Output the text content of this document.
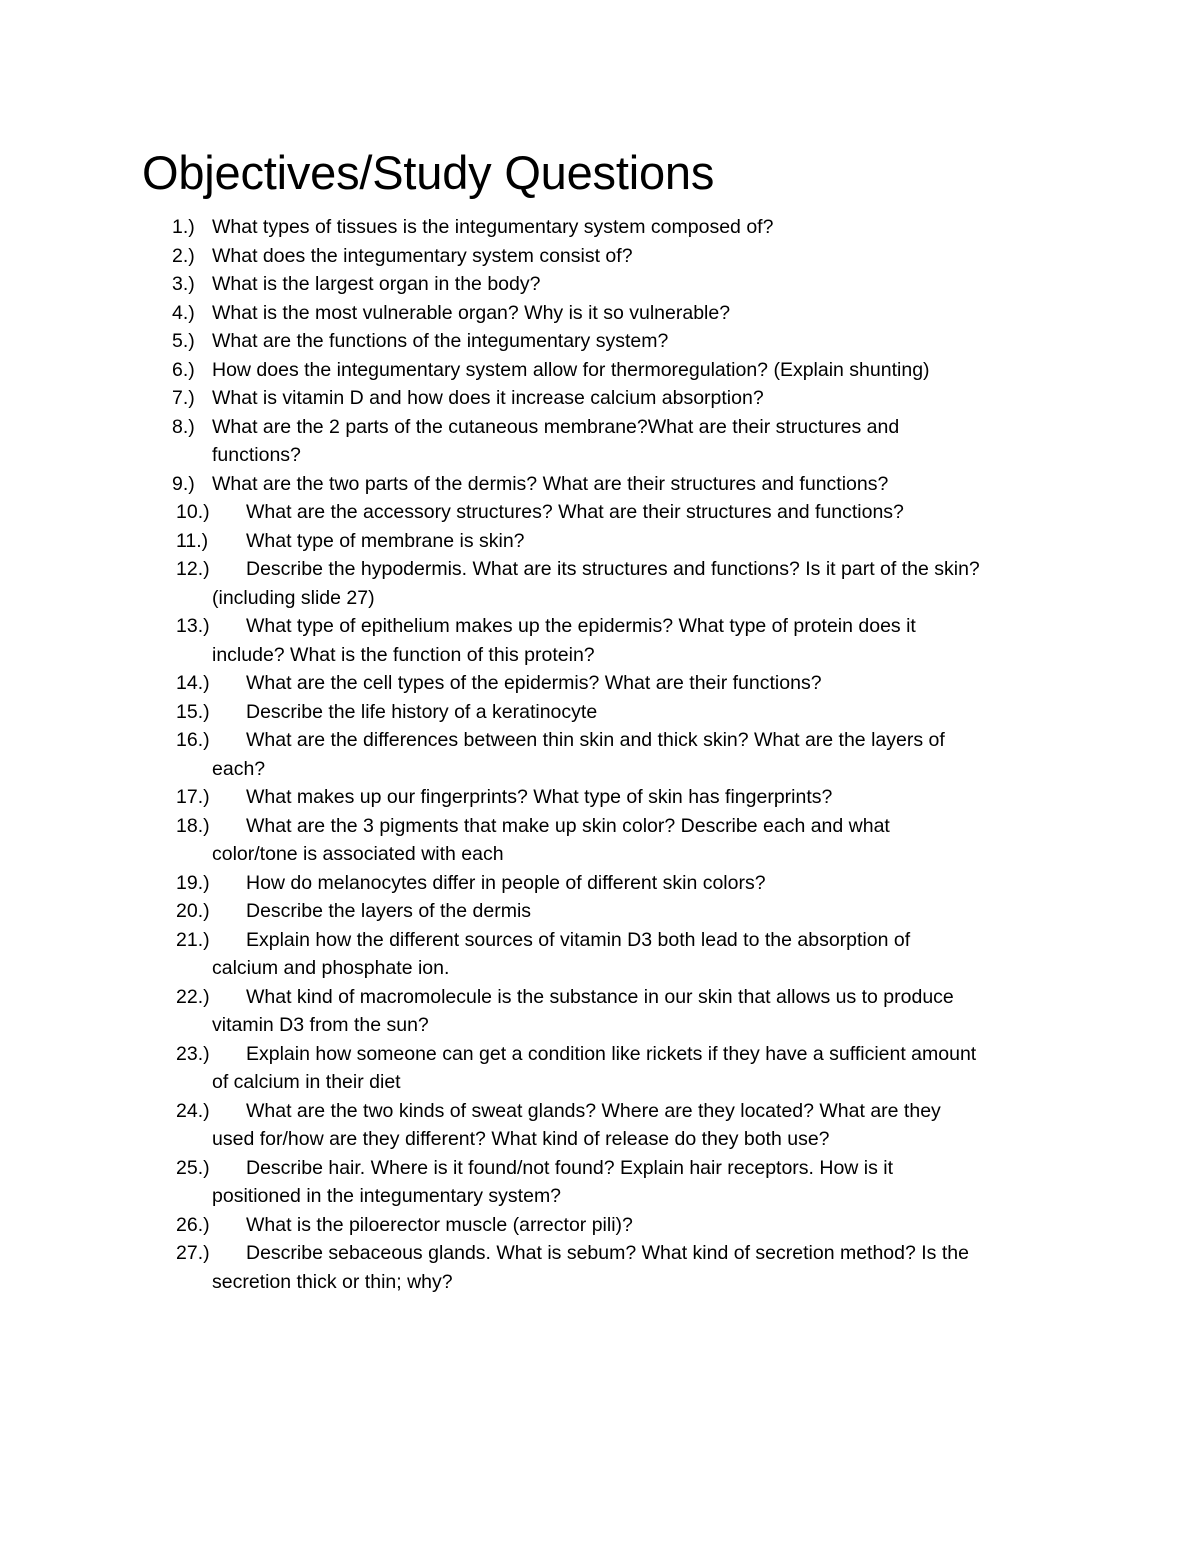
Objectives/Study Questions
1.) What types of tissues is the integumentary system composed of?
2.) What does the integumentary system consist of?
3.) What is the largest organ in the body?
4.) What is the most vulnerable organ? Why is it so vulnerable?
5.) What are the functions of the integumentary system?
6.) How does the integumentary system allow for thermoregulation? (Explain shunting)
7.) What is vitamin D and how does it increase calcium absorption?
8.) What are the 2 parts of the cutaneous membrane?What are their structures and
functions?
9.) What are the two parts of the dermis? What are their structures and functions?
10.)	What are the accessory structures? What are their structures and functions?
11.)	What type of membrane is skin?
12.)	Describe the hypodermis. What are its structures and functions? Is it part of the skin?
(including slide 27)
13.)	What type of epithelium makes up the epidermis? What type of protein does it
include? What is the function of this protein?
14.)	What are the cell types of the epidermis? What are their functions?
15.)	Describe the life history of a keratinocyte
16.)	What are the differences between thin skin and thick skin? What are the layers of
each?
17.)	What makes up our fingerprints? What type of skin has fingerprints?
18.)	What are the 3 pigments that make up skin color? Describe each and what
color/tone is associated with each
19.)	How do melanocytes differ in people of different skin colors?
20.)	Describe the layers of the dermis
21.)	Explain how the different sources of vitamin D3 both lead to the absorption of
calcium and phosphate ion.
22.)	What kind of macromolecule is the substance in our skin that allows us to produce
vitamin D3 from the sun?
23.)	Explain how someone can get a condition like rickets if they have a sufficient amount
of calcium in their diet
24.)	What are the two kinds of sweat glands? Where are they located? What are they
used for/how are they different? What kind of release do they both use?
25.)	Describe hair. Where is it found/not found? Explain hair receptors. How is it
positioned in the integumentary system?
26.)	What is the piloerector muscle (arrector pili)?
27.)	Describe sebaceous glands. What is sebum? What kind of secretion method? Is the
secretion thick or thin; why?
